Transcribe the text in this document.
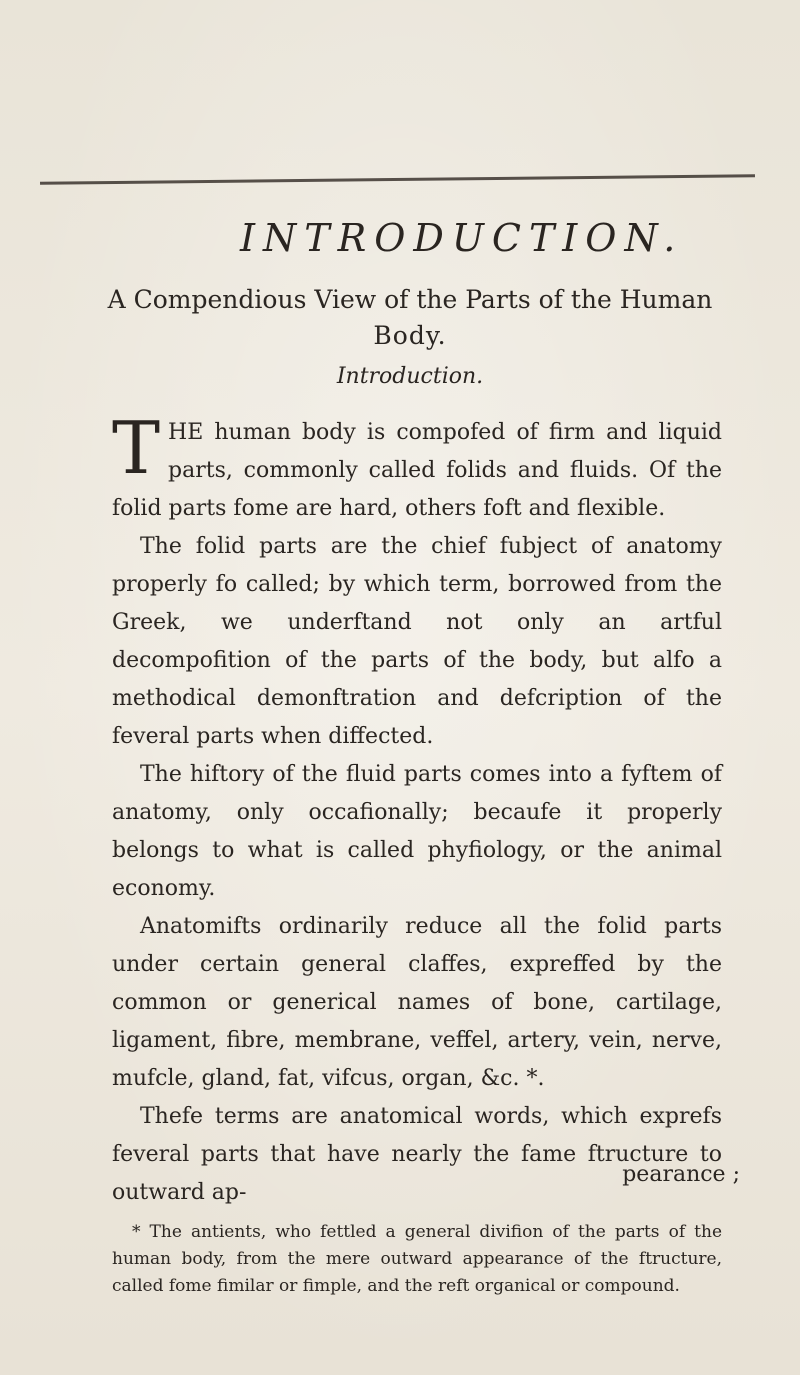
INTRODUCTION.
A Compendious View of the Parts of the Human
Body.
Introduction.

T HE human body is compofed of firm and liquid parts, commonly called folids and fluids. Of the folid parts fome are hard, others foft and flexible.

The folid parts are the chief fubject of anatomy properly fo called; by which term, borrowed from the Greek, we underftand not only an artful decompofition of the parts of the body, but alfo a methodical demonftration and defcription of the feveral parts when diffected.

The hiftory of the fluid parts comes into a fyftem of anatomy, only occafionally; becaufe it properly belongs to what is called phyfiology, or the animal economy.

Anatomifts ordinarily reduce all the folid parts under certain general claffes, expreffed by the common or generical names of bone, cartilage, ligament, fibre, membrane, veffel, artery, vein, nerve, mufcle, gland, fat, vifcus, organ, &c. *.

Thefe terms are anatomical words, which exprefs feveral parts that have nearly the fame ftructure to outward ap-

pearance ;
* The antients, who fettled a general divifion of the parts of the human body, from the mere outward appearance of the ftructure, called fome fimilar or fimple, and the reft organical or compound.
